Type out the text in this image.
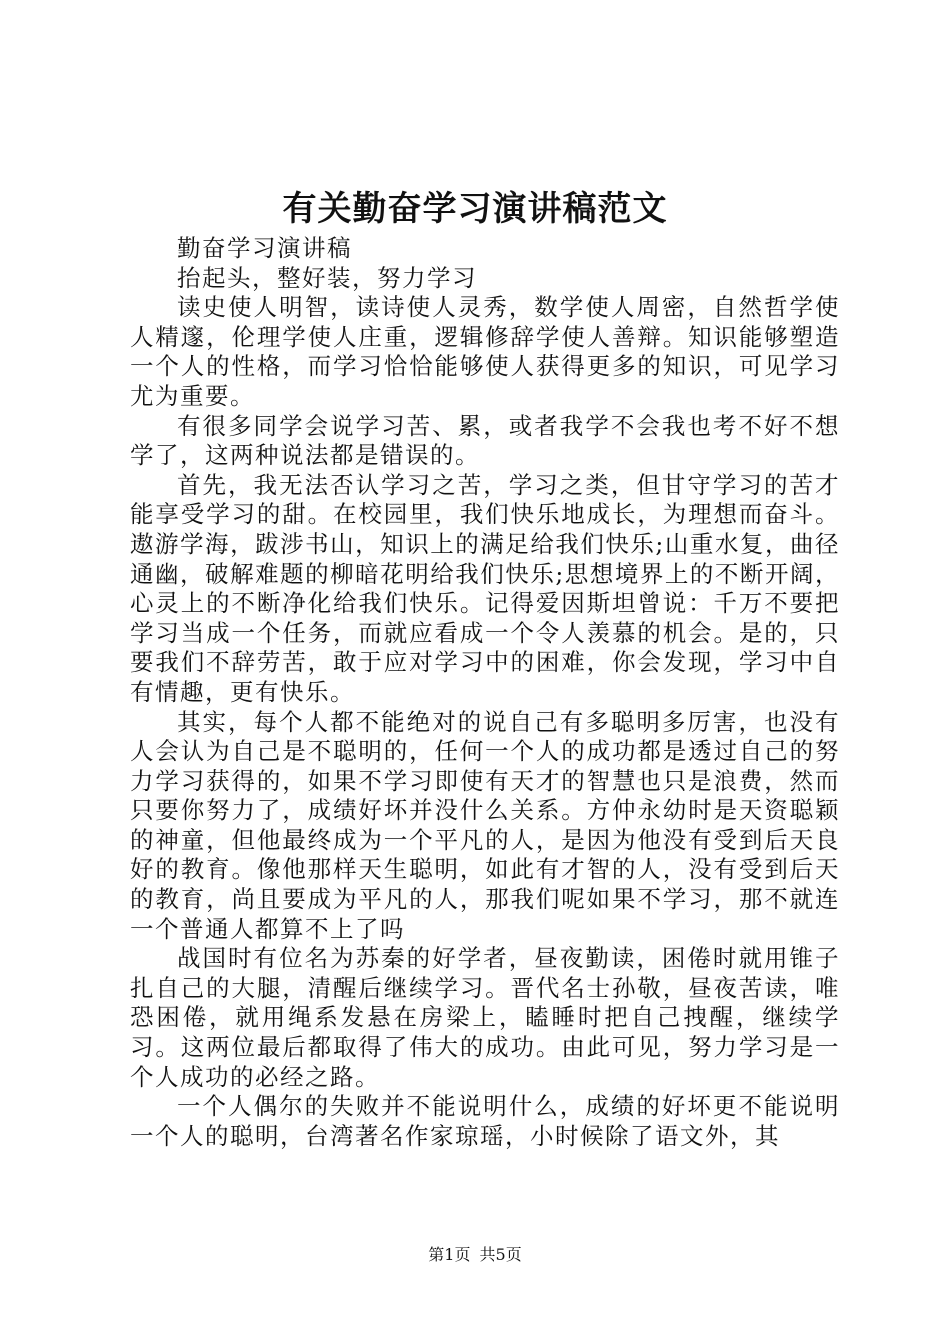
有关勤奋学习演讲稿范文

勤奋学习演讲稿

抬起头，整好装，努力学习

读史使人明智，读诗使人灵秀，数学使人周密，自然哲学使人精邃，伦理学使人庄重，逻辑修辞学使人善辩。知识能够塑造一个人的性格，而学习恰恰能够使人获得更多的知识，可见学习尤为重要。

有很多同学会说学习苦、累，或者我学不会我也考不好不想学了，这两种说法都是错误的。

首先，我无法否认学习之苦，学习之类，但甘守学习的苦才能享受学习的甜。在校园里，我们快乐地成长，为理想而奋斗。遨游学海，跋涉书山，知识上的满足给我们快乐;山重水复，曲径通幽，破解难题的柳暗花明给我们快乐;思想境界上的不断开阔，心灵上的不断净化给我们快乐。记得爱因斯坦曾说：千万不要把学习当成一个任务，而就应看成一个令人羡慕的机会。是的，只要我们不辞劳苦，敢于应对学习中的困难，你会发现，学习中自有情趣，更有快乐。

其实，每个人都不能绝对的说自己有多聪明多厉害，也没有人会认为自己是不聪明的，任何一个人的成功都是透过自己的努力学习获得的，如果不学习即使有天才的智慧也只是浪费，然而只要你努力了，成绩好坏并没什么关系。方仲永幼时是天资聪颖的神童，但他最终成为一个平凡的人，是因为他没有受到后天良好的教育。像他那样天生聪明，如此有才智的人，没有受到后天的教育，尚且要成为平凡的人，那我们呢如果不学习，那不就连一个普通人都算不上了吗

战国时有位名为苏秦的好学者，昼夜勤读，困倦时就用锥子扎自己的大腿，清醒后继续学习。晋代名士孙敬，昼夜苦读，唯恐困倦，就用绳系发悬在房梁上，瞌睡时把自己拽醒，继续学习。这两位最后都取得了伟大的成功。由此可见，努力学习是一个人成功的必经之路。

一个人偶尔的失败并不能说明什么，成绩的好坏更不能说明一个人的聪明，台湾著名作家琼瑶，小时候除了语文外，其

第1页 共5页
